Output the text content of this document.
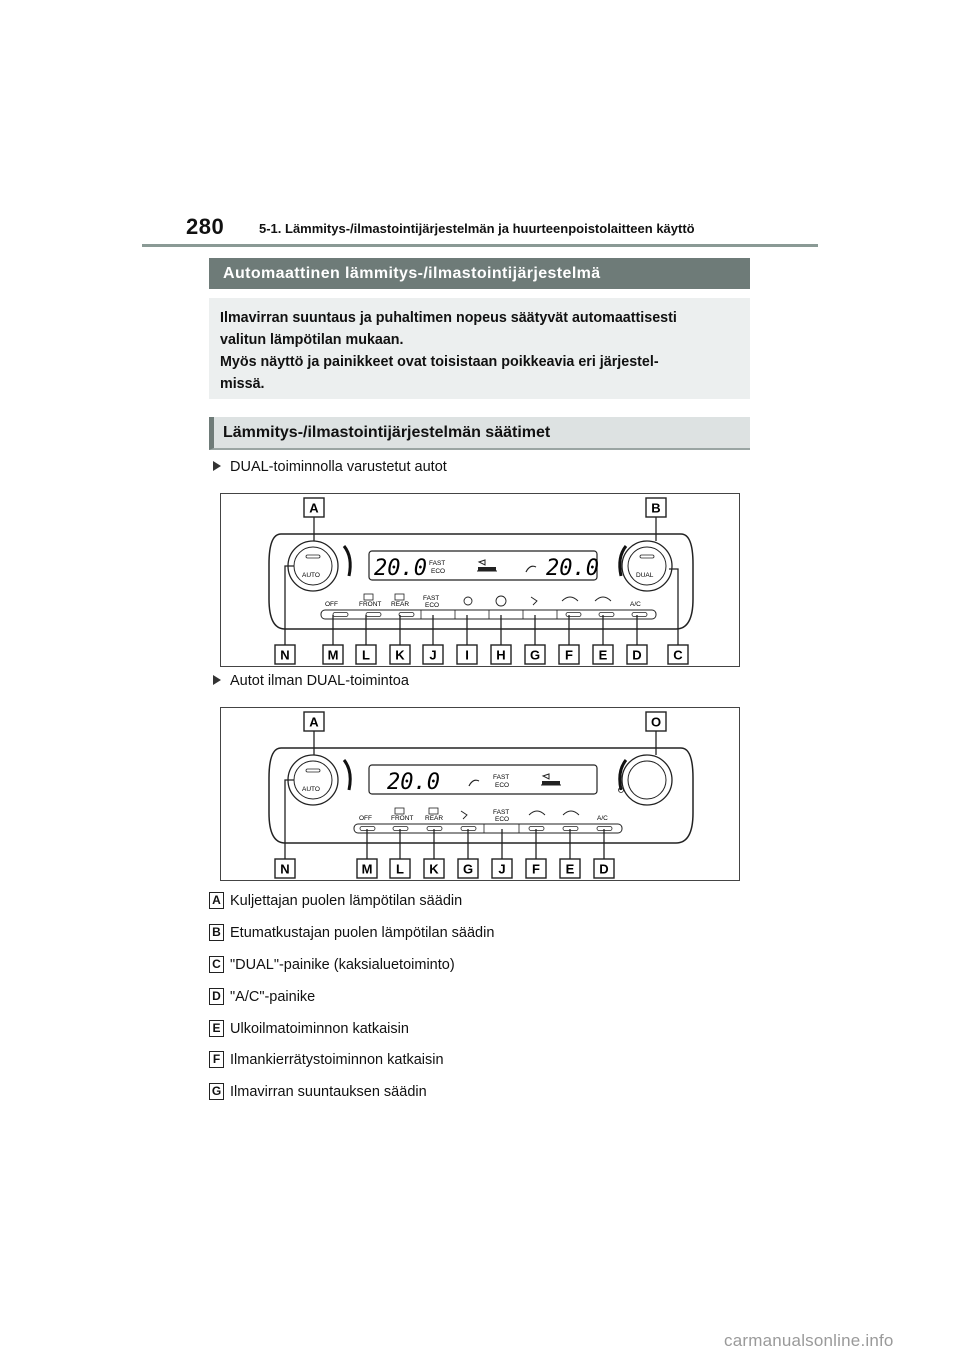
280	5-1. Lämmitys-/ilmastointijärjestelmän ja huurteenpoistolaitteen käyttö
Automaattinen lämmitys-/ilmastointijärjestelmä

Ilmavirran suuntaus ja puhaltimen nopeus säätyvät automaattisesti

valitun lämpötilan mukaan.

Myös näyttö ja painikkeet ovat toisistaan poikkeavia eri järjestel-

missä.

Lämmitys-/ilmastointijärjestelmän säätimet
DUAL-toiminnolla varustetut autot
AUTO	DUAL
20.0 FAST
ECO	20.0
OFF	FRONT REAR
FAST
ECO	A/C
A	B
N	M L K J I H G F E D C
Autot ilman DUAL-toimintoa
AUTO	20.0	FAST
ECO
OFF	FRONT REAR
FAST
ECO	A/C
A	O
N	M L K G J F E D
A Kuljettajan puolen lämpötilan säädin
B Etumatkustajan puolen lämpötilan säädin
C "DUAL"-painike (kaksialuetoiminto)
D "A/C"-painike
E Ulkoilmatoiminnon katkaisin
F Ilmankierrätystoiminnon katkaisin
G Ilmavirran suuntauksen säädin
carmanualsonline.info
